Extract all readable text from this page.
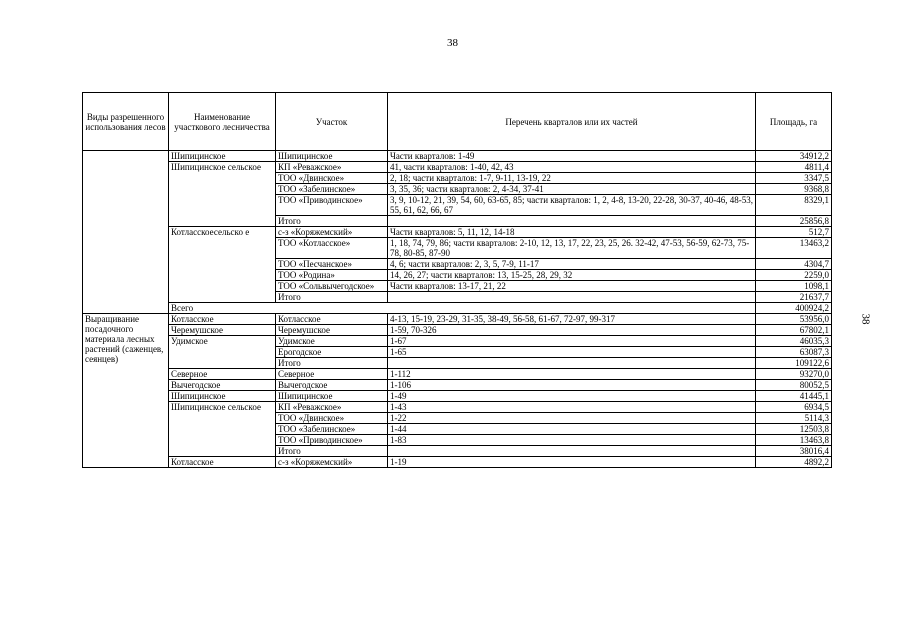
38
38
Виды разрешенного использования лесов	Наименование участкового лесничества	Участок	Перечень кварталов или их частей	Площадь, га
	Шипицинское	Шипицинское	Части кварталов: 1-49	34912,2
	Шипицинское сельское	КП «Реважское»	41, части кварталов: 1-40, 42, 43	4811,4
		ТОО «Двинское»	2, 18; части кварталов: 1-7, 9-11, 13-19, 22	3347,5
		ТОО «Забелинское»	3, 35, 36; части кварталов: 2, 4-34, 37-41	9368,8
		ТОО «Приводинское»	3, 9, 10-12, 21, 39, 54, 60, 63-65, 85; части кварталов: 1, 2, 4-8, 13-20, 22-28, 30-37, 40-46, 48-53, 55, 61, 62, 66, 67	8329,1
		Итого		25856,8
	Котласскоесельско е	с-з «Коряжемский»	Части кварталов: 5, 11, 12, 14-18	512,7
		ТОО «Котласское»	1, 18, 74, 79, 86; части кварталов: 2-10, 12, 13, 17, 22, 23, 25, 26. 32-42, 47-53, 56-59, 62-73, 75-78, 80-85, 87-90	13463,2
		ТОО «Песчанское»	4, 6; части кварталов: 2, 3, 5, 7-9, 11-17	4304,7
		ТОО «Родина»	14, 26, 27; части кварталов: 13, 15-25, 28, 29, 32	2259,0
		ТОО «Сольвычегодское»	Части кварталов: 13-17, 21, 22	1098,1
		Итого		21637,7
	Всего			400924,2
Выращивание посадочного материала лесных растений (саженцев, сеянцев)	Котласское	Котласское	4-13, 15-19, 23-29, 31-35, 38-49, 56-58, 61-67, 72-97, 99-317	53956,0
	Черемушское	Черемушское	1-59, 70-326	67802,1
	Удимское	Удимское	1-67	46035,3
		Ерогодское	1-65	63087,3
		Итого		109122,6
	Северное	Северное	1-112	93270,0
	Вычегодское	Вычегодское	1-106	80052,5
	Шипицинское	Шипицинское	1-49	41445,1
	Шипицинское сельское	КП «Реважское»	1-43	6934,5
		ТОО «Двинское»	1-22	5114,3
		ТОО «Забелинское»	1-44	12503,8
		ТОО «Приводинское»	1-83	13463,8
		Итого		38016,4
	Котласское	с-з «Коряжемский»	1-19	4892,2
